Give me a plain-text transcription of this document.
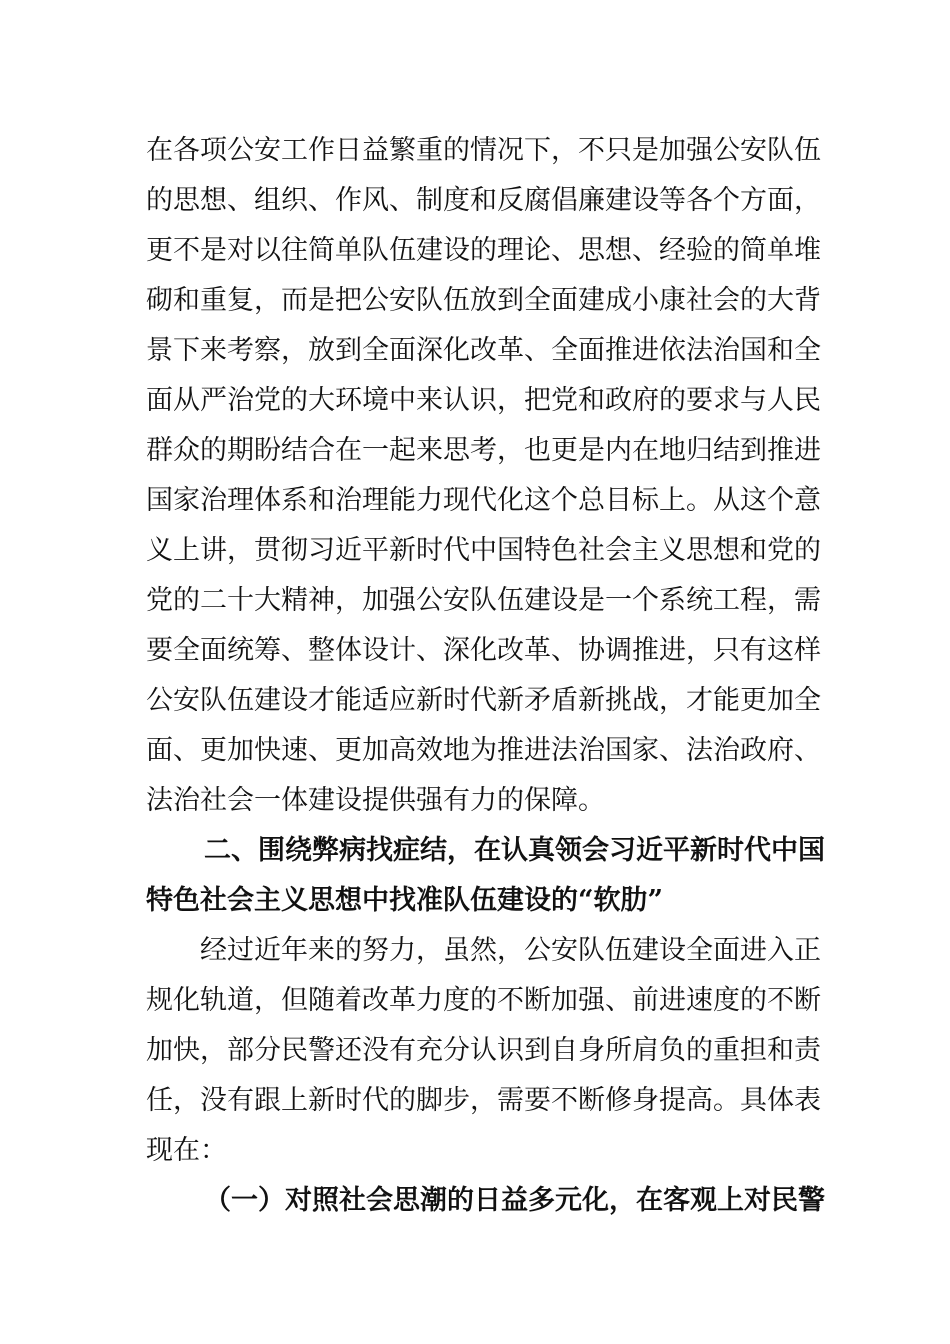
在各项公安工作日益繁重的情况下，不只是加强公安队伍
的思想、组织、作风、制度和反腐倡廉建设等各个方面，
更不是对以往简单队伍建设的理论、思想、经验的简单堆
砌和重复，而是把公安队伍放到全面建成小康社会的大背
景下来考察，放到全面深化改革、全面推进依法治国和全
面从严治党的大环境中来认识，把党和政府的要求与人民
群众的期盼结合在一起来思考，也更是内在地归结到推进
国家治理体系和治理能力现代化这个总目标上。从这个意
义上讲，贯彻习近平新时代中国特色社会主义思想和党的
党的二十大精神，加强公安队伍建设是一个系统工程，需
要全面统筹、整体设计、深化改革、协调推进，只有这样
公安队伍建设才能适应新时代新矛盾新挑战，才能更加全
面、更加快速、更加高效地为推进法治国家、法治政府、
法治社会一体建设提供强有力的保障。
二、围绕弊病找症结，在认真领会习近平新时代中国
特色社会主义思想中找准队伍建设的“软肋”
经过近年来的努力，虽然，公安队伍建设全面进入正
规化轨道，但随着改革力度的不断加强、前进速度的不断
加快，部分民警还没有充分认识到自身所肩负的重担和责
任，没有跟上新时代的脚步，需要不断修身提高。具体表
现在：
（一）对照社会思潮的日益多元化，在客观上对民警
